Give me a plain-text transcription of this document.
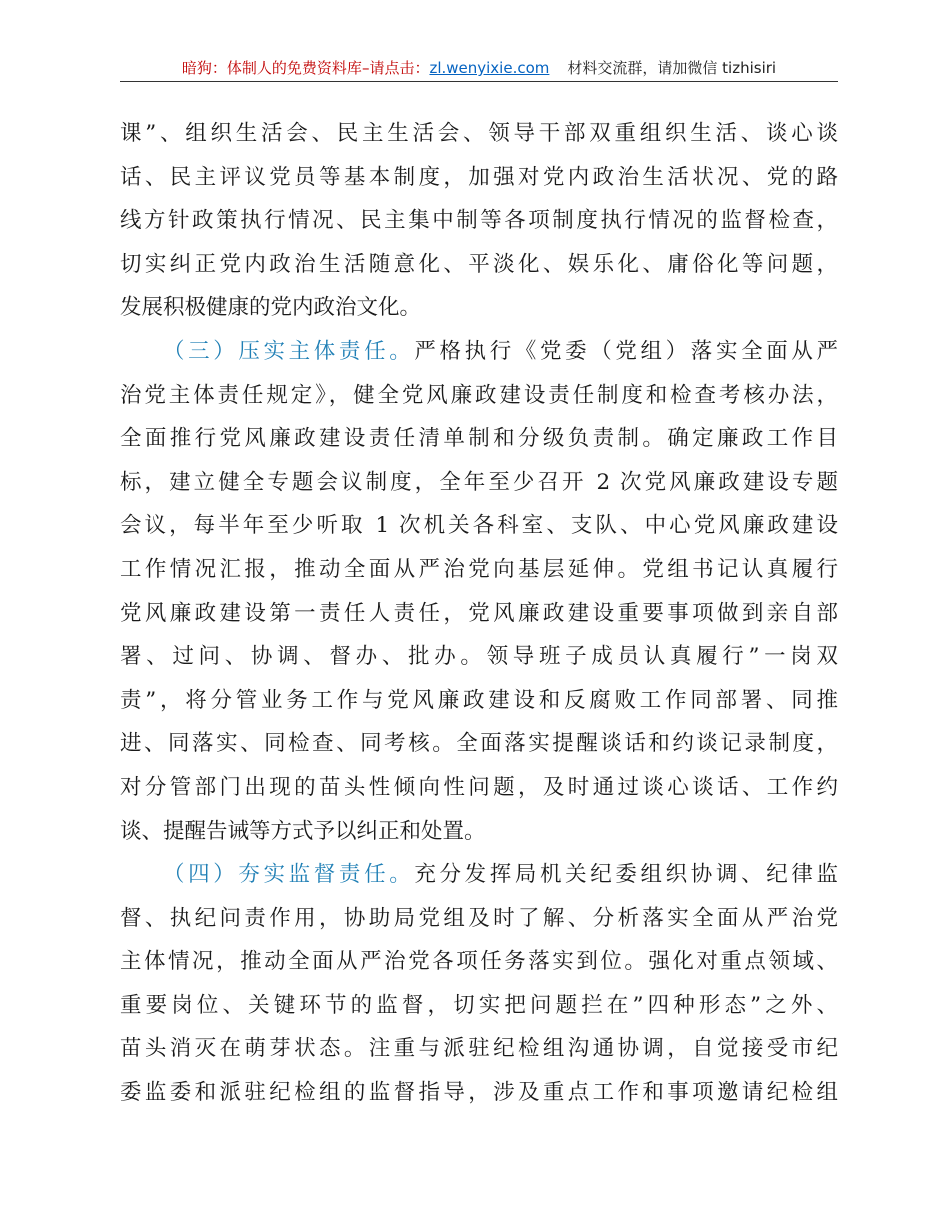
暗狗：体制人的免费资料库–请点击：zl.wenyixie.com 材料交流群，请加微信 tizhisiri
课”、组织生活会、民主生活会、领导干部双重组织生活、谈心谈
话、民主评议党员等基本制度，加强对党内政治生活状况、党的路
线方针政策执行情况、民主集中制等各项制度执行情况的监督检查，
切实纠正党内政治生活随意化、平淡化、娱乐化、庸俗化等问题，
发展积极健康的党内政治文化。
（三）压实主体责任。严格执行《党委（党组）落实全面从严
治党主体责任规定》，健全党风廉政建设责任制度和检查考核办法，
全面推行党风廉政建设责任清单制和分级负责制。确定廉政工作目
标，建立健全专题会议制度，全年至少召开 2 次党风廉政建设专题
会议，每半年至少听取 1 次机关各科室、支队、中心党风廉政建设
工作情况汇报，推动全面从严治党向基层延伸。党组书记认真履行
党风廉政建设第一责任人责任，党风廉政建设重要事项做到亲自部
署、过问、协调、督办、批办。领导班子成员认真履行”一岗双
责”，将分管业务工作与党风廉政建设和反腐败工作同部署、同推
进、同落实、同检查、同考核。全面落实提醒谈话和约谈记录制度，
对分管部门出现的苗头性倾向性问题，及时通过谈心谈话、工作约
谈、提醒告诫等方式予以纠正和处置。
（四）夯实监督责任。充分发挥局机关纪委组织协调、纪律监
督、执纪问责作用，协助局党组及时了解、分析落实全面从严治党
主体情况，推动全面从严治党各项任务落实到位。强化对重点领域、
重要岗位、关键环节的监督，切实把问题拦在”四种形态”之外、
苗头消灭在萌芽状态。注重与派驻纪检组沟通协调，自觉接受市纪
委监委和派驻纪检组的监督指导，涉及重点工作和事项邀请纪检组
